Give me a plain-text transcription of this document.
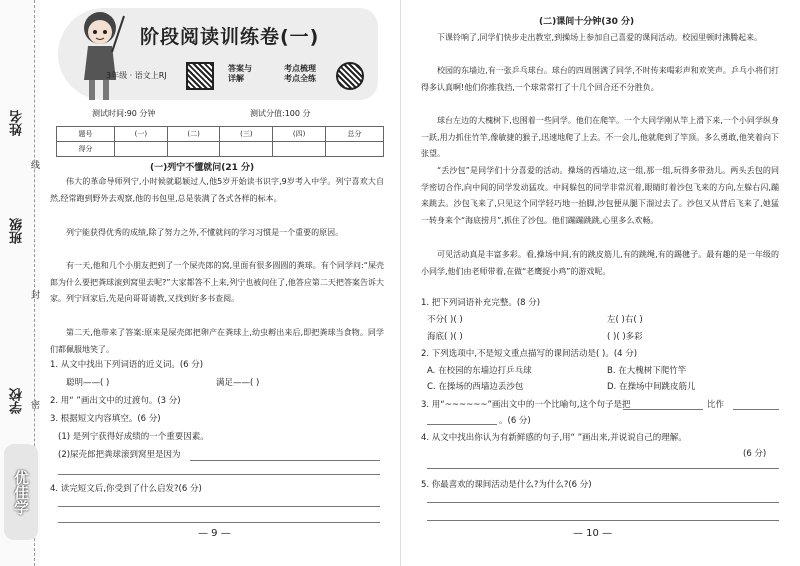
姓名
班级
学校
线
封
密
优佳学
阶段阅读训练卷(一)
3年级 · 语文上RJ
答案与
详解
考点梳理
考点全练
测试时间:90 分钟	测试分值:100 分
题号	(一)	(二)	(三)	(四)	总分
得分					
(一)列宁不懂就问(21 分)
伟大的革命导师列宁,小时候就聪颖过人,他5岁开始读书识字,9岁考入中学。列宁喜欢大自然,经常跑到野外去观察,他的书包里,总是装满了各式各样的标本。
列宁能获得优秀的成绩,除了努力之外,不懂就问的学习习惯是一个重要的原因。
有一天,他和几个小朋友把到了一个屎壳郎的窝,里面有很多圆圆的粪球。有个同学问:“屎壳郎为什么要把粪球滚到窝里去呢?”大家都答不上来,列宁也被问住了,他答应第二天把答案告诉大家。列宁回家后,先是向哥哥请教,又找到好多书查阅。
第二天,他带来了答案:原来是屎壳郎把卵产在粪球上,幼虫孵出来后,即把粪球当食物。同学们都佩服地笑了。
1. 从文中找出下列词语的近义词。(6 分)
聪明——( )	满足——( )
2. 用“ ”画出文中的过渡句。(3 分)
3. 根据短文内容填空。(6 分)
(1) 是列宁获得好成绩的一个重要因素。
(2)屎壳郎把粪球滚到窝里是因为
4. 读完短文后,你受到了什么启发?(6 分)
— 9 —
(二)课间十分钟(30 分)
下课铃响了,同学们快步走出教室,到操场上参加自己喜爱的课间活动。校园里顿时沸腾起来。
校园的东墙边,有一张乒乓球台。球台的四周围满了同学,不时传来喝彩声和欢笑声。乒乓小将们打得多认真啊!他们你推我挡,一个球常常打了十几个回合还不分胜负。
球台左边的大槐树下,也围着一些同学。他们在爬竿。一个大同学刚从竿上滑下来,一个小同学纵身一跃,用力抓住竹竿,像敏捷的猴子,迅速地爬了上去。不一会儿,他就爬到了竿顶。多么勇敢,他笑着向下张望。
“丢沙包”是同学们十分喜爱的活动。操场的西墙边,这一组,那一组,玩得多带劲儿。两头丢包的同学密切合作,向中间的同学发动猛攻。中间躲包的同学非常沉着,眼睛盯着沙包飞来的方向,左躲右闪,蹦来跳去。沙包飞来了,只见这个同学轻巧地一抬脚,沙包便从腿下溜过去了。沙包又从背后飞来了,她猛一转身来个“海底捞月”,抓住了沙包。他们蹦蹦跳跳,心里多么欢畅。
可见活动真是丰富多彩。看,操场中间,有的跳皮筋儿,有的跳绳,有的踢毽子。最有趣的是一年级的小同学,他们由老师带着,在做“老鹰捉小鸡”的游戏呢。
1. 把下列词语补充完整。(8 分)
不分( )( )	左( )右( )
海底( )( )	( )( )多彩
2. 下列选项中,不是短文重点描写的课间活动是( )。(4 分)
A. 在校园的东墙边打乒乓球	B. 在大槐树下爬竹竿
C. 在操场的西墙边丢沙包	D. 在操场中间跳皮筋儿
3. 用“~~~~~~”画出文中的一个比喻句,这个句子是把	比作
。(6 分)
4. 从文中找出你认为有新鲜感的句子,用“ ”画出来,并说说自己的理解。
(6 分)
5. 你最喜欢的课间活动是什么?为什么?(6 分)
— 10 —
